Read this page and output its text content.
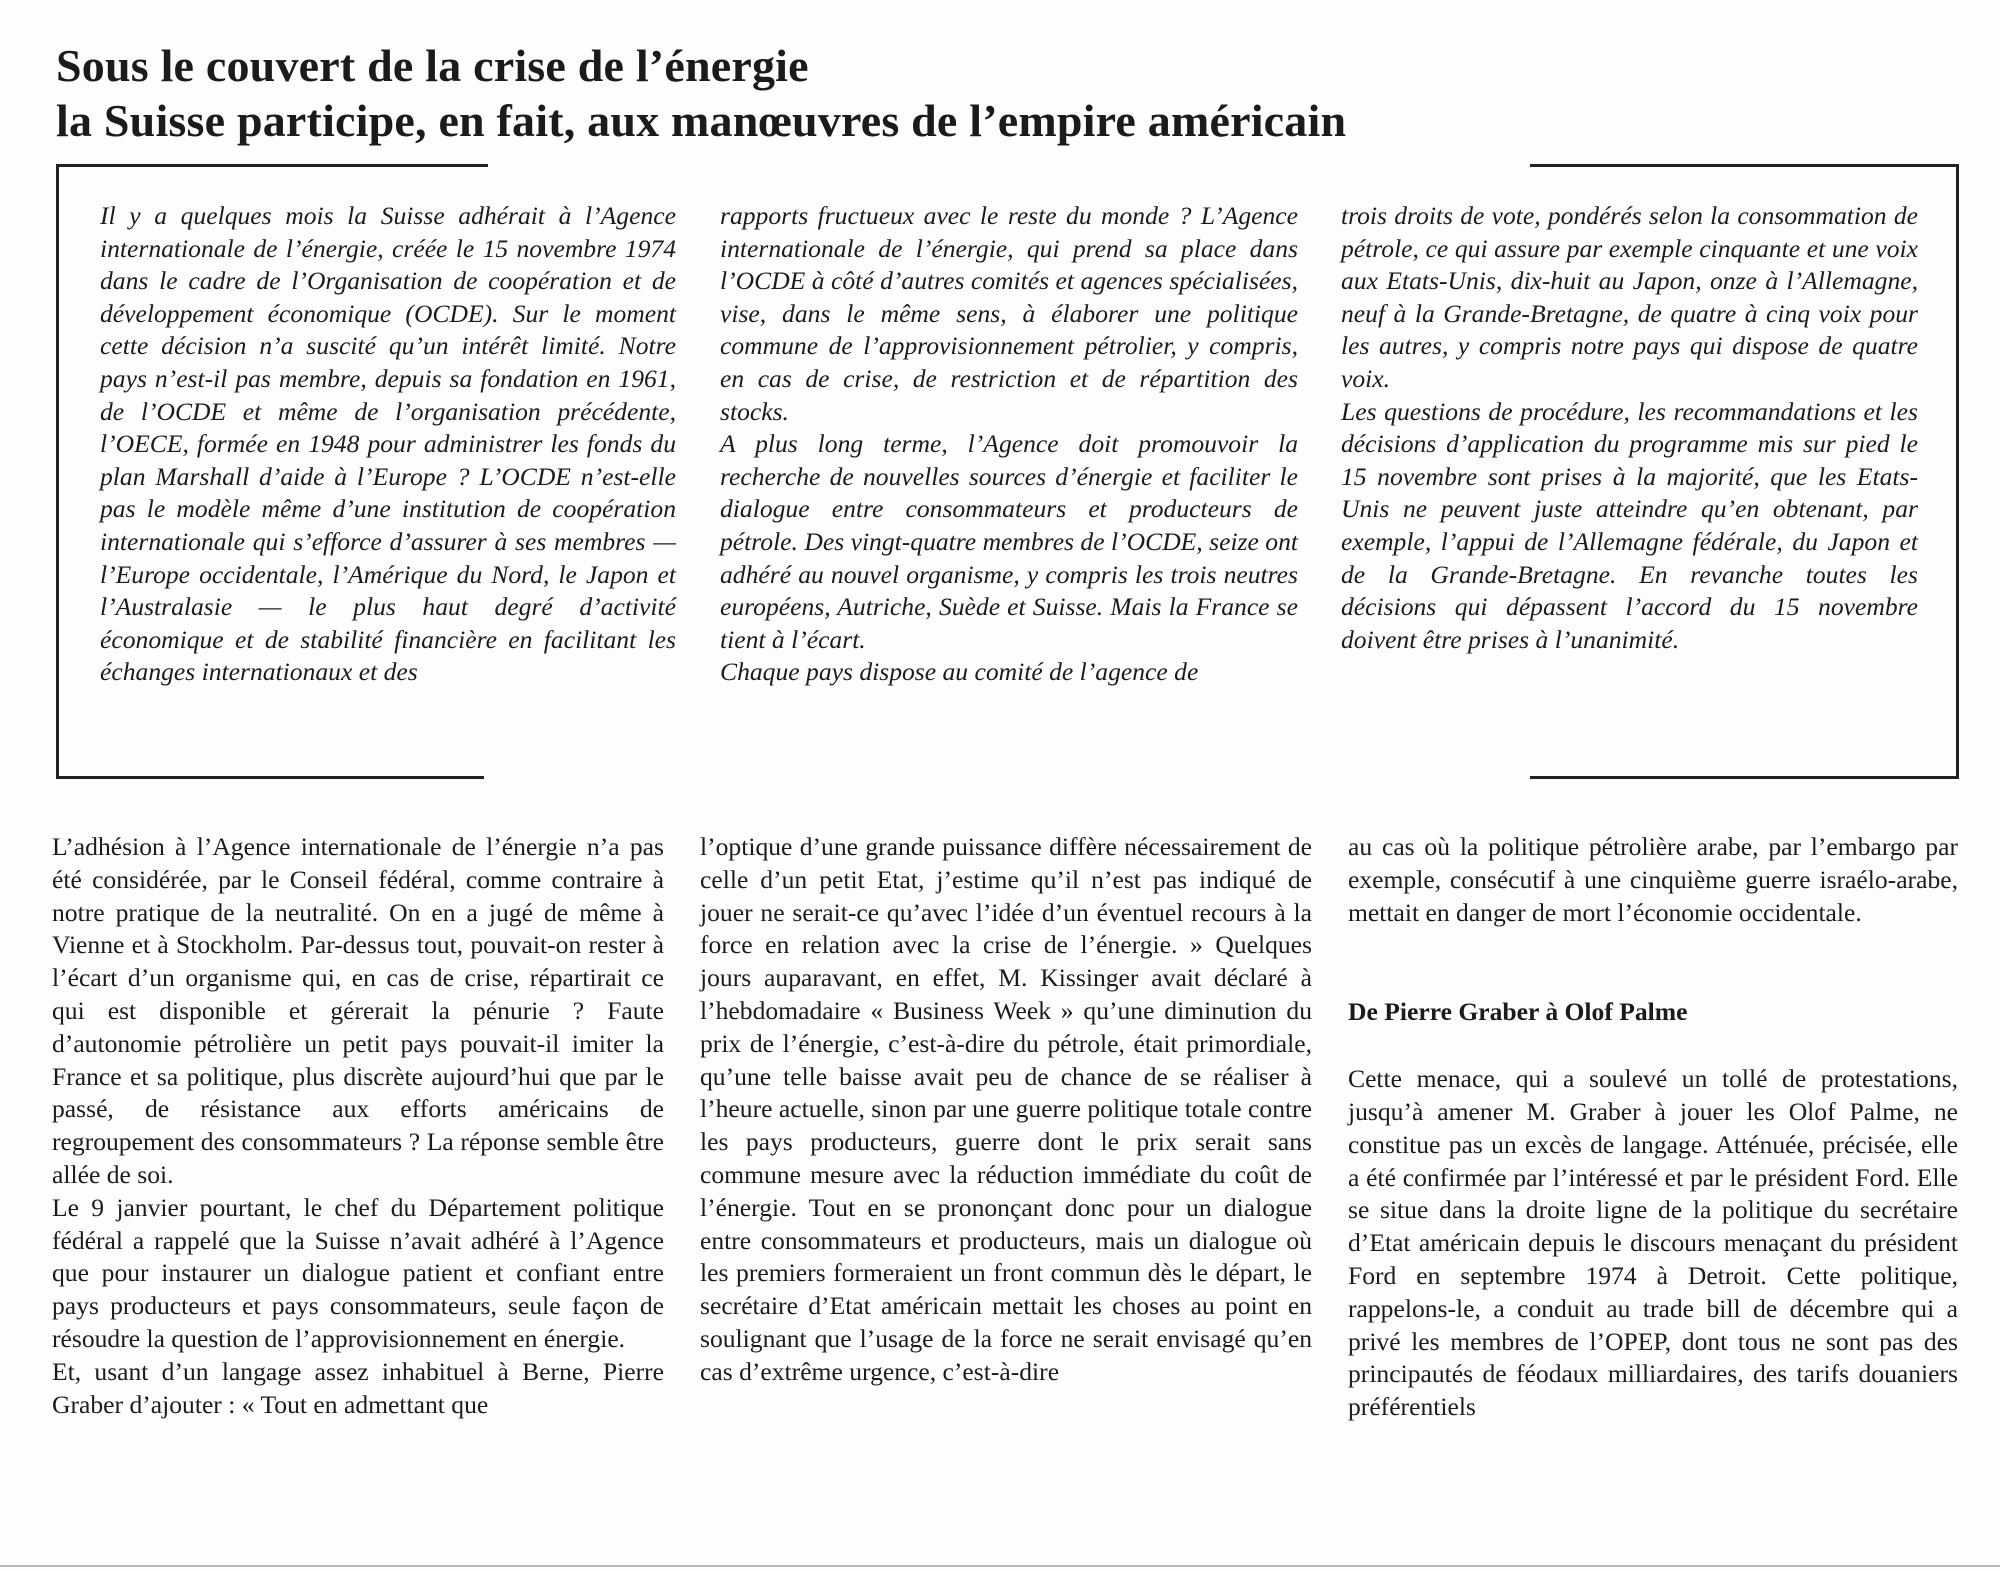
Sous le couvert de la crise de l’énergie
la Suisse participe, en fait, aux manœuvres de l’empire américain

Il y a quelques mois la Suisse adhérait à l’Agence internationale de l’énergie, créée le 15 novembre 1974 dans le cadre de l’Organisation de coopération et de développement économique (OCDE). Sur le moment cette décision n’a suscité qu’un intérêt limité. Notre pays n’est-il pas membre, depuis sa fondation en 1961, de l’OCDE et même de l’organisation précédente, l’OECE, formée en 1948 pour administrer les fonds du plan Marshall d’aide à l’Europe ? L’OCDE n’est-elle pas le modèle même d’une institution de coopération internationale qui s’efforce d’assurer à ses membres — l’Europe occidentale, l’Amérique du Nord, le Japon et l’Australasie — le plus haut degré d’activité économique et de stabilité financière en facilitant les échanges internationaux et des

rapports fructueux avec le reste du monde ? L’Agence internationale de l’énergie, qui prend sa place dans l’OCDE à côté d’autres comités et agences spécialisées, vise, dans le même sens, à élaborer une politique commune de l’approvisionnement pétrolier, y compris, en cas de crise, de restriction et de répartition des stocks.

A plus long terme, l’Agence doit promouvoir la recherche de nouvelles sources d’énergie et faciliter le dialogue entre consommateurs et producteurs de pétrole. Des vingt-quatre membres de l’OCDE, seize ont adhéré au nouvel organisme, y compris les trois neutres européens, Autriche, Suède et Suisse. Mais la France se tient à l’écart.

Chaque pays dispose au comité de l’agence de

trois droits de vote, pondérés selon la consommation de pétrole, ce qui assure par exemple cinquante et une voix aux Etats-Unis, dix-huit au Japon, onze à l’Allemagne, neuf à la Grande-Bretagne, de quatre à cinq voix pour les autres, y compris notre pays qui dispose de quatre voix.

Les questions de procédure, les recommandations et les décisions d’application du programme mis sur pied le 15 novembre sont prises à la majorité, que les Etats-Unis ne peuvent juste atteindre qu’en obtenant, par exemple, l’appui de l’Allemagne fédérale, du Japon et de la Grande-Bretagne. En revanche toutes les décisions qui dépassent l’accord du 15 novembre doivent être prises à l’unanimité.

L’adhésion à l’Agence internationale de l’énergie n’a pas été considérée, par le Conseil fédéral, comme contraire à notre pratique de la neutralité. On en a jugé de même à Vienne et à Stockholm. Par-dessus tout, pouvait-on rester à l’écart d’un organisme qui, en cas de crise, répartirait ce qui est disponible et gérerait la pénurie ? Faute d’autonomie pétrolière un petit pays pouvait-il imiter la France et sa politique, plus discrète aujourd’hui que par le passé, de résistance aux efforts américains de regroupement des consommateurs ? La réponse semble être allée de soi.

Le 9 janvier pourtant, le chef du Département politique fédéral a rappelé que la Suisse n’avait adhéré à l’Agence que pour instaurer un dialogue patient et confiant entre pays producteurs et pays consommateurs, seule façon de résoudre la question de l’approvisionnement en énergie.

Et, usant d’un langage assez inhabituel à Berne, Pierre Graber d’ajouter : « Tout en admettant que

l’optique d’une grande puissance diffère nécessairement de celle d’un petit Etat, j’estime qu’il n’est pas indiqué de jouer ne serait-ce qu’avec l’idée d’un éventuel recours à la force en relation avec la crise de l’énergie. » Quelques jours auparavant, en effet, M. Kissinger avait déclaré à l’hebdomadaire « Business Week » qu’une diminution du prix de l’énergie, c’est-à-dire du pétrole, était primordiale, qu’une telle baisse avait peu de chance de se réaliser à l’heure actuelle, sinon par une guerre politique totale contre les pays producteurs, guerre dont le prix serait sans commune mesure avec la réduction immédiate du coût de l’énergie. Tout en se prononçant donc pour un dialogue entre consommateurs et producteurs, mais un dialogue où les premiers formeraient un front commun dès le départ, le secrétaire d’Etat américain mettait les choses au point en soulignant que l’usage de la force ne serait envisagé qu’en cas d’extrême urgence, c’est-à-dire

au cas où la politique pétrolière arabe, par l’embargo par exemple, consécutif à une cinquième guerre israélo-arabe, mettait en danger de mort l’économie occidentale.

De Pierre Graber à Olof Palme

Cette menace, qui a soulevé un tollé de protestations, jusqu’à amener M. Graber à jouer les Olof Palme, ne constitue pas un excès de langage. Atténuée, précisée, elle a été confirmée par l’intéressé et par le président Ford. Elle se situe dans la droite ligne de la politique du secrétaire d’Etat américain depuis le discours menaçant du président Ford en septembre 1974 à Detroit. Cette politique, rappelons-le, a conduit au trade bill de décembre qui a privé les membres de l’OPEP, dont tous ne sont pas des principautés de féodaux milliardaires, des tarifs douaniers préférentiels
